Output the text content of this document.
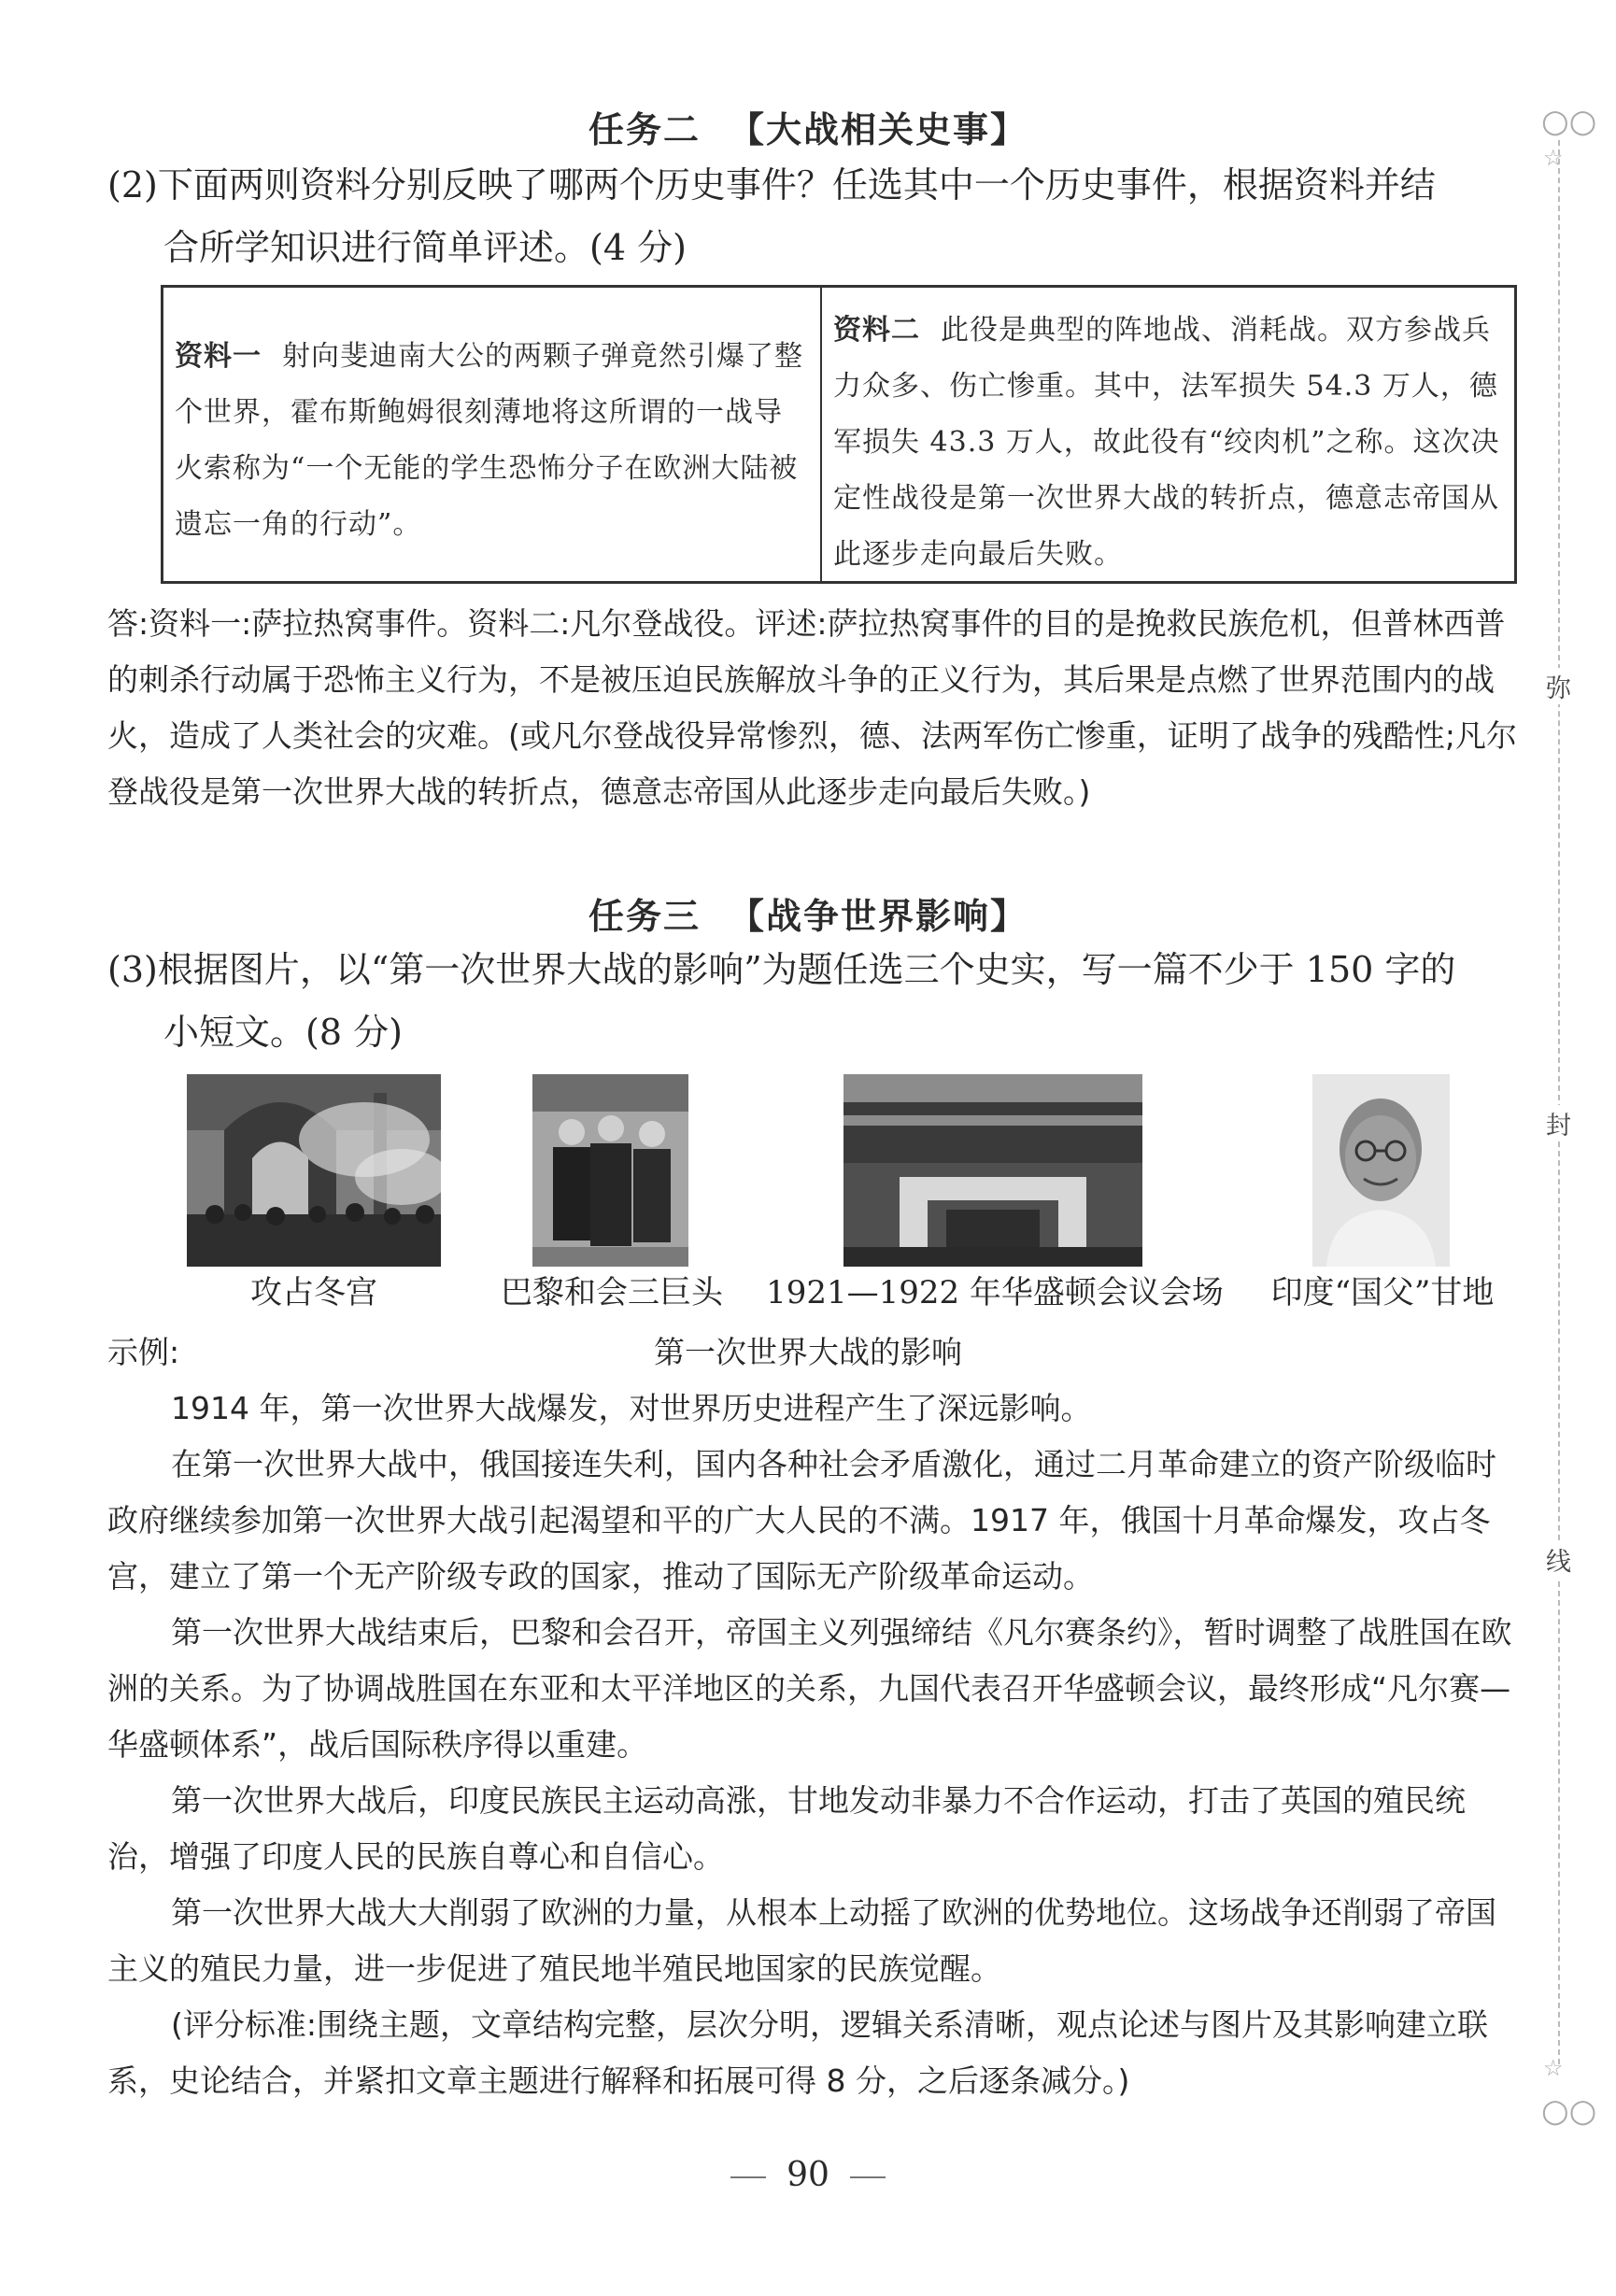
○○
☆
弥
封
线
☆
○○
任务二 【大战相关史事】
(2)下面两则资料分别反映了哪两个历史事件？任选其中一个历史事件，根据资料并结
合所学知识进行简单评述。(4 分)
资料一 射向斐迪南大公的两颗子弹竟然引爆了整个世界，霍布斯鲍姆很刻薄地将这所谓的一战导火索称为“一个无能的学生恐怖分子在欧洲大陆被遗忘一角的行动”。
资料二 此役是典型的阵地战、消耗战。双方参战兵力众多、伤亡惨重。其中，法军损失 54.3 万人，德军损失 43.3 万人，故此役有“绞肉机”之称。这次决定性战役是第一次世界大战的转折点，德意志帝国从此逐步走向最后失败。
答:资料一:萨拉热窝事件。资料二:凡尔登战役。评述:萨拉热窝事件的目的是挽救民族危机，但普林西普的刺杀行动属于恐怖主义行为，不是被压迫民族解放斗争的正义行为，其后果是点燃了世界范围内的战火，造成了人类社会的灾难。(或凡尔登战役异常惨烈，德、法两军伤亡惨重，证明了战争的残酷性;凡尔登战役是第一次世界大战的转折点，德意志帝国从此逐步走向最后失败。)
任务三 【战争世界影响】
(3)根据图片，以“第一次世界大战的影响”为题任选三个史实，写一篇不少于 150 字的
小短文。(8 分)
攻占冬宫	巴黎和会三巨头	1921—1922 年华盛顿会议会场	印度“国父”甘地
示例:	第一次世界大战的影响

1914 年，第一次世界大战爆发，对世界历史进程产生了深远影响。

在第一次世界大战中，俄国接连失利，国内各种社会矛盾激化，通过二月革命建立的资产阶级临时政府继续参加第一次世界大战引起渴望和平的广大人民的不满。1917 年，俄国十月革命爆发，攻占冬宫，建立了第一个无产阶级专政的国家，推动了国际无产阶级革命运动。

第一次世界大战结束后，巴黎和会召开，帝国主义列强缔结《凡尔赛条约》，暂时调整了战胜国在欧洲的关系。为了协调战胜国在东亚和太平洋地区的关系，九国代表召开华盛顿会议，最终形成“凡尔赛—华盛顿体系”，战后国际秩序得以重建。

第一次世界大战后，印度民族民主运动高涨，甘地发动非暴力不合作运动，打击了英国的殖民统治，增强了印度人民的民族自尊心和自信心。

第一次世界大战大大削弱了欧洲的力量，从根本上动摇了欧洲的优势地位。这场战争还削弱了帝国主义的殖民力量，进一步促进了殖民地半殖民地国家的民族觉醒。

(评分标准:围绕主题，文章结构完整，层次分明，逻辑关系清晰，观点论述与图片及其影响建立联系，史论结合，并紧扣文章主题进行解释和拓展可得 8 分，之后逐条减分。)

90
